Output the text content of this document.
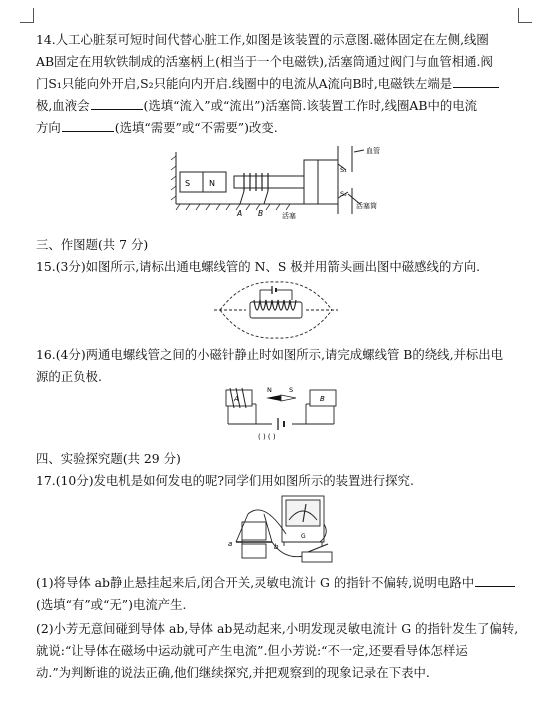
14.人工心脏泵可短时间代替心脏工作,如图是该装置的示意图.磁体固定在左侧,线圈
AB固定在用软铁制成的活塞柄上(相当于一个电磁铁),活塞筒通过阀门与血管相通.阀
门S₁只能向外开启,S₂只能向内开启.线圈中的电流从A流向B时,电磁铁左端是
极,血液会	(选填“流入”或“流出”)活塞筒.该装置工作时,线圈AB中的电流
方向	(选填“需要”或“不需要”)改变.
S N
A B	活塞
S₁
S₂
血管
活塞筒
三、作图题(共 7 分)
15.(3分)如图所示,请标出通电螺线管的 N、S 极并用箭头画出图中磁感线的方向.
16.(4分)两通电螺线管之间的小磁针静止时如图所示,请完成螺线管 B的绕线,并标出电
源的正负极.
A	B
N	S
( ) ( )
四、实验探究题(共 29 分)
17.(10分)发电机是如何发电的呢?同学们用如图所示的装置进行探究.
G
a	b
(1)将导体 ab静止悬挂起来后,闭合开关,灵敏电流计 G 的指针不偏转,说明电路中
(选填“有”或“无”)电流产生.
(2)小芳无意间碰到导体 ab,导体 ab晃动起来,小明发现灵敏电流计 G 的指针发生了偏转,
就说:“让导体在磁场中运动就可产生电流”.但小芳说:“不一定,还要看导体怎样运
动.”为判断谁的说法正确,他们继续探究,并把观察到的现象记录在下表中.
